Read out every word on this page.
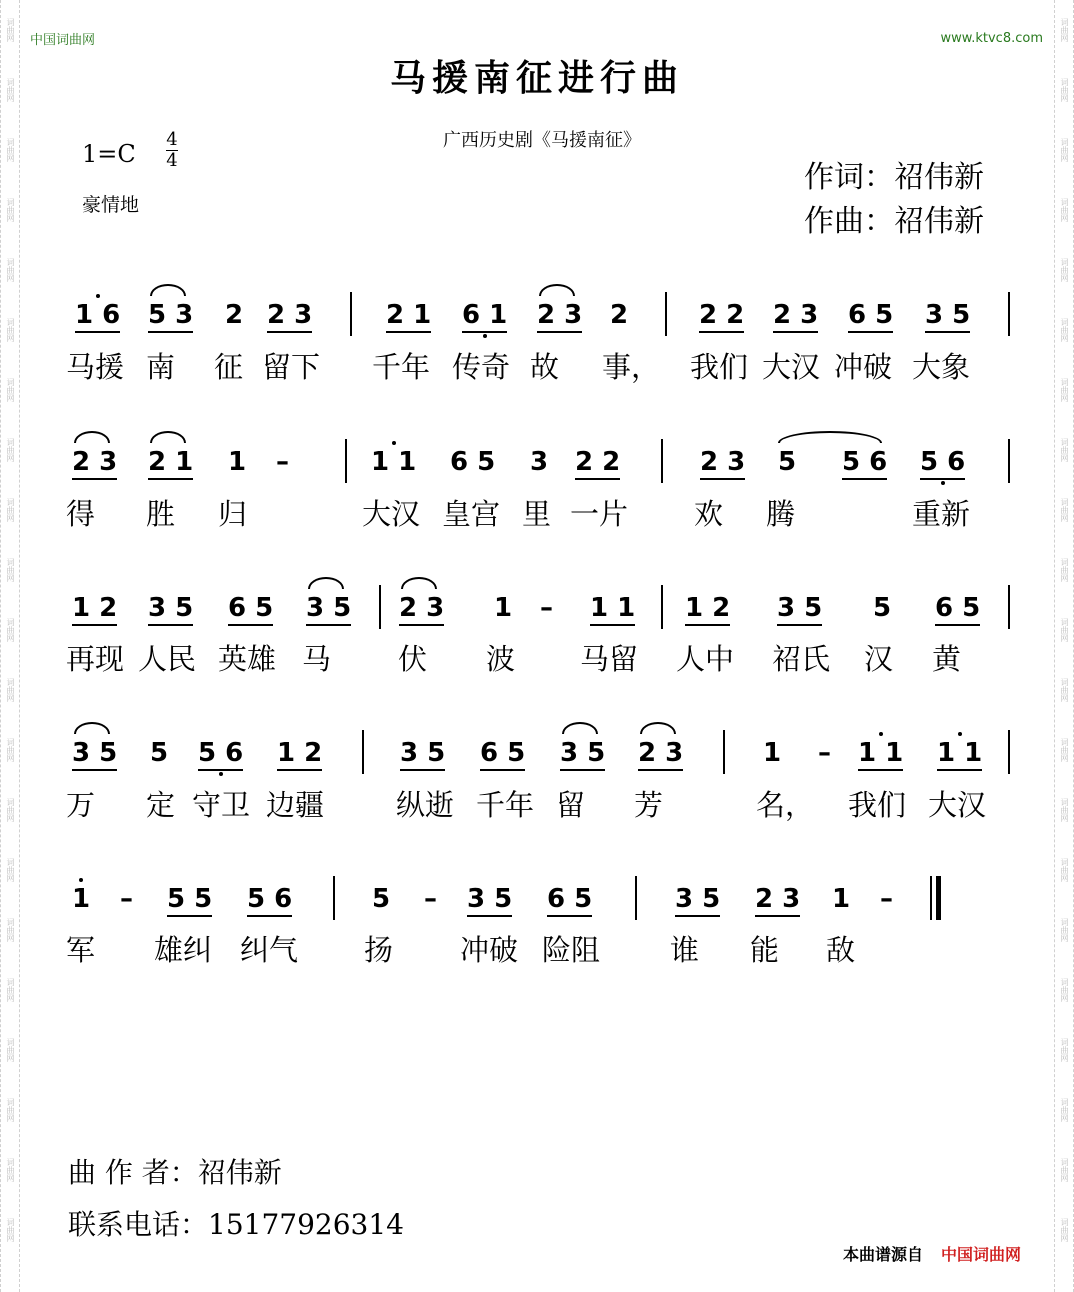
词曲网
词曲网
词曲网
词曲网
词曲网
词曲网
词曲网
词曲网
词曲网
词曲网
词曲网
词曲网
词曲网
词曲网
词曲网
词曲网
词曲网
词曲网
词曲网
词曲网
词曲网
词曲网
词曲网
词曲网
词曲网
词曲网
词曲网
词曲网
词曲网
词曲网
词曲网
词曲网
词曲网
词曲网
词曲网
词曲网
词曲网
词曲网
词曲网
词曲网
词曲网
词曲网
中国词曲网	www.ktvc8.com
马援南征进行曲
广西历史剧《马援南征》
1=C
4
4
豪情地
作词：祒伟新
作曲：祒伟新
1 6 5 3 2 2 3	2 1 6 1 2 3 2	2 2 2 3 6 5 3 5
马援 南 征 留下 千年 传奇 故 事， 我们 大汉 冲破 大象
2 3 2 1 1 –	1 1 6 5 3 2 2	2 3 5 5 6 5 6
得 胜 归	大汉 皇宫 里 一片 欢 腾	重新
1 2 3 5 6 5 3 5 2 3 1 – 1 1 1 2 3 5 5 6 5
再现 人民 英雄 马 伏 波 马留 人中 祒氏 汉 黄
3 5 5 5 6 1 2	3 5 6 5 3 5 2 3	1 – 1 1 1 1
万 定 守卫 边疆 纵逝 千年 留 芳	名， 我们 大汉
1 – 5 5 5 6	5 – 3 5 6 5	3 5 2 3 1 –
军 雄纠 纠气 扬 冲破 险阻 谁 能 敌
曲 作 者：祒伟新
联系电话：15177926314
本曲谱源自 中国词曲网
